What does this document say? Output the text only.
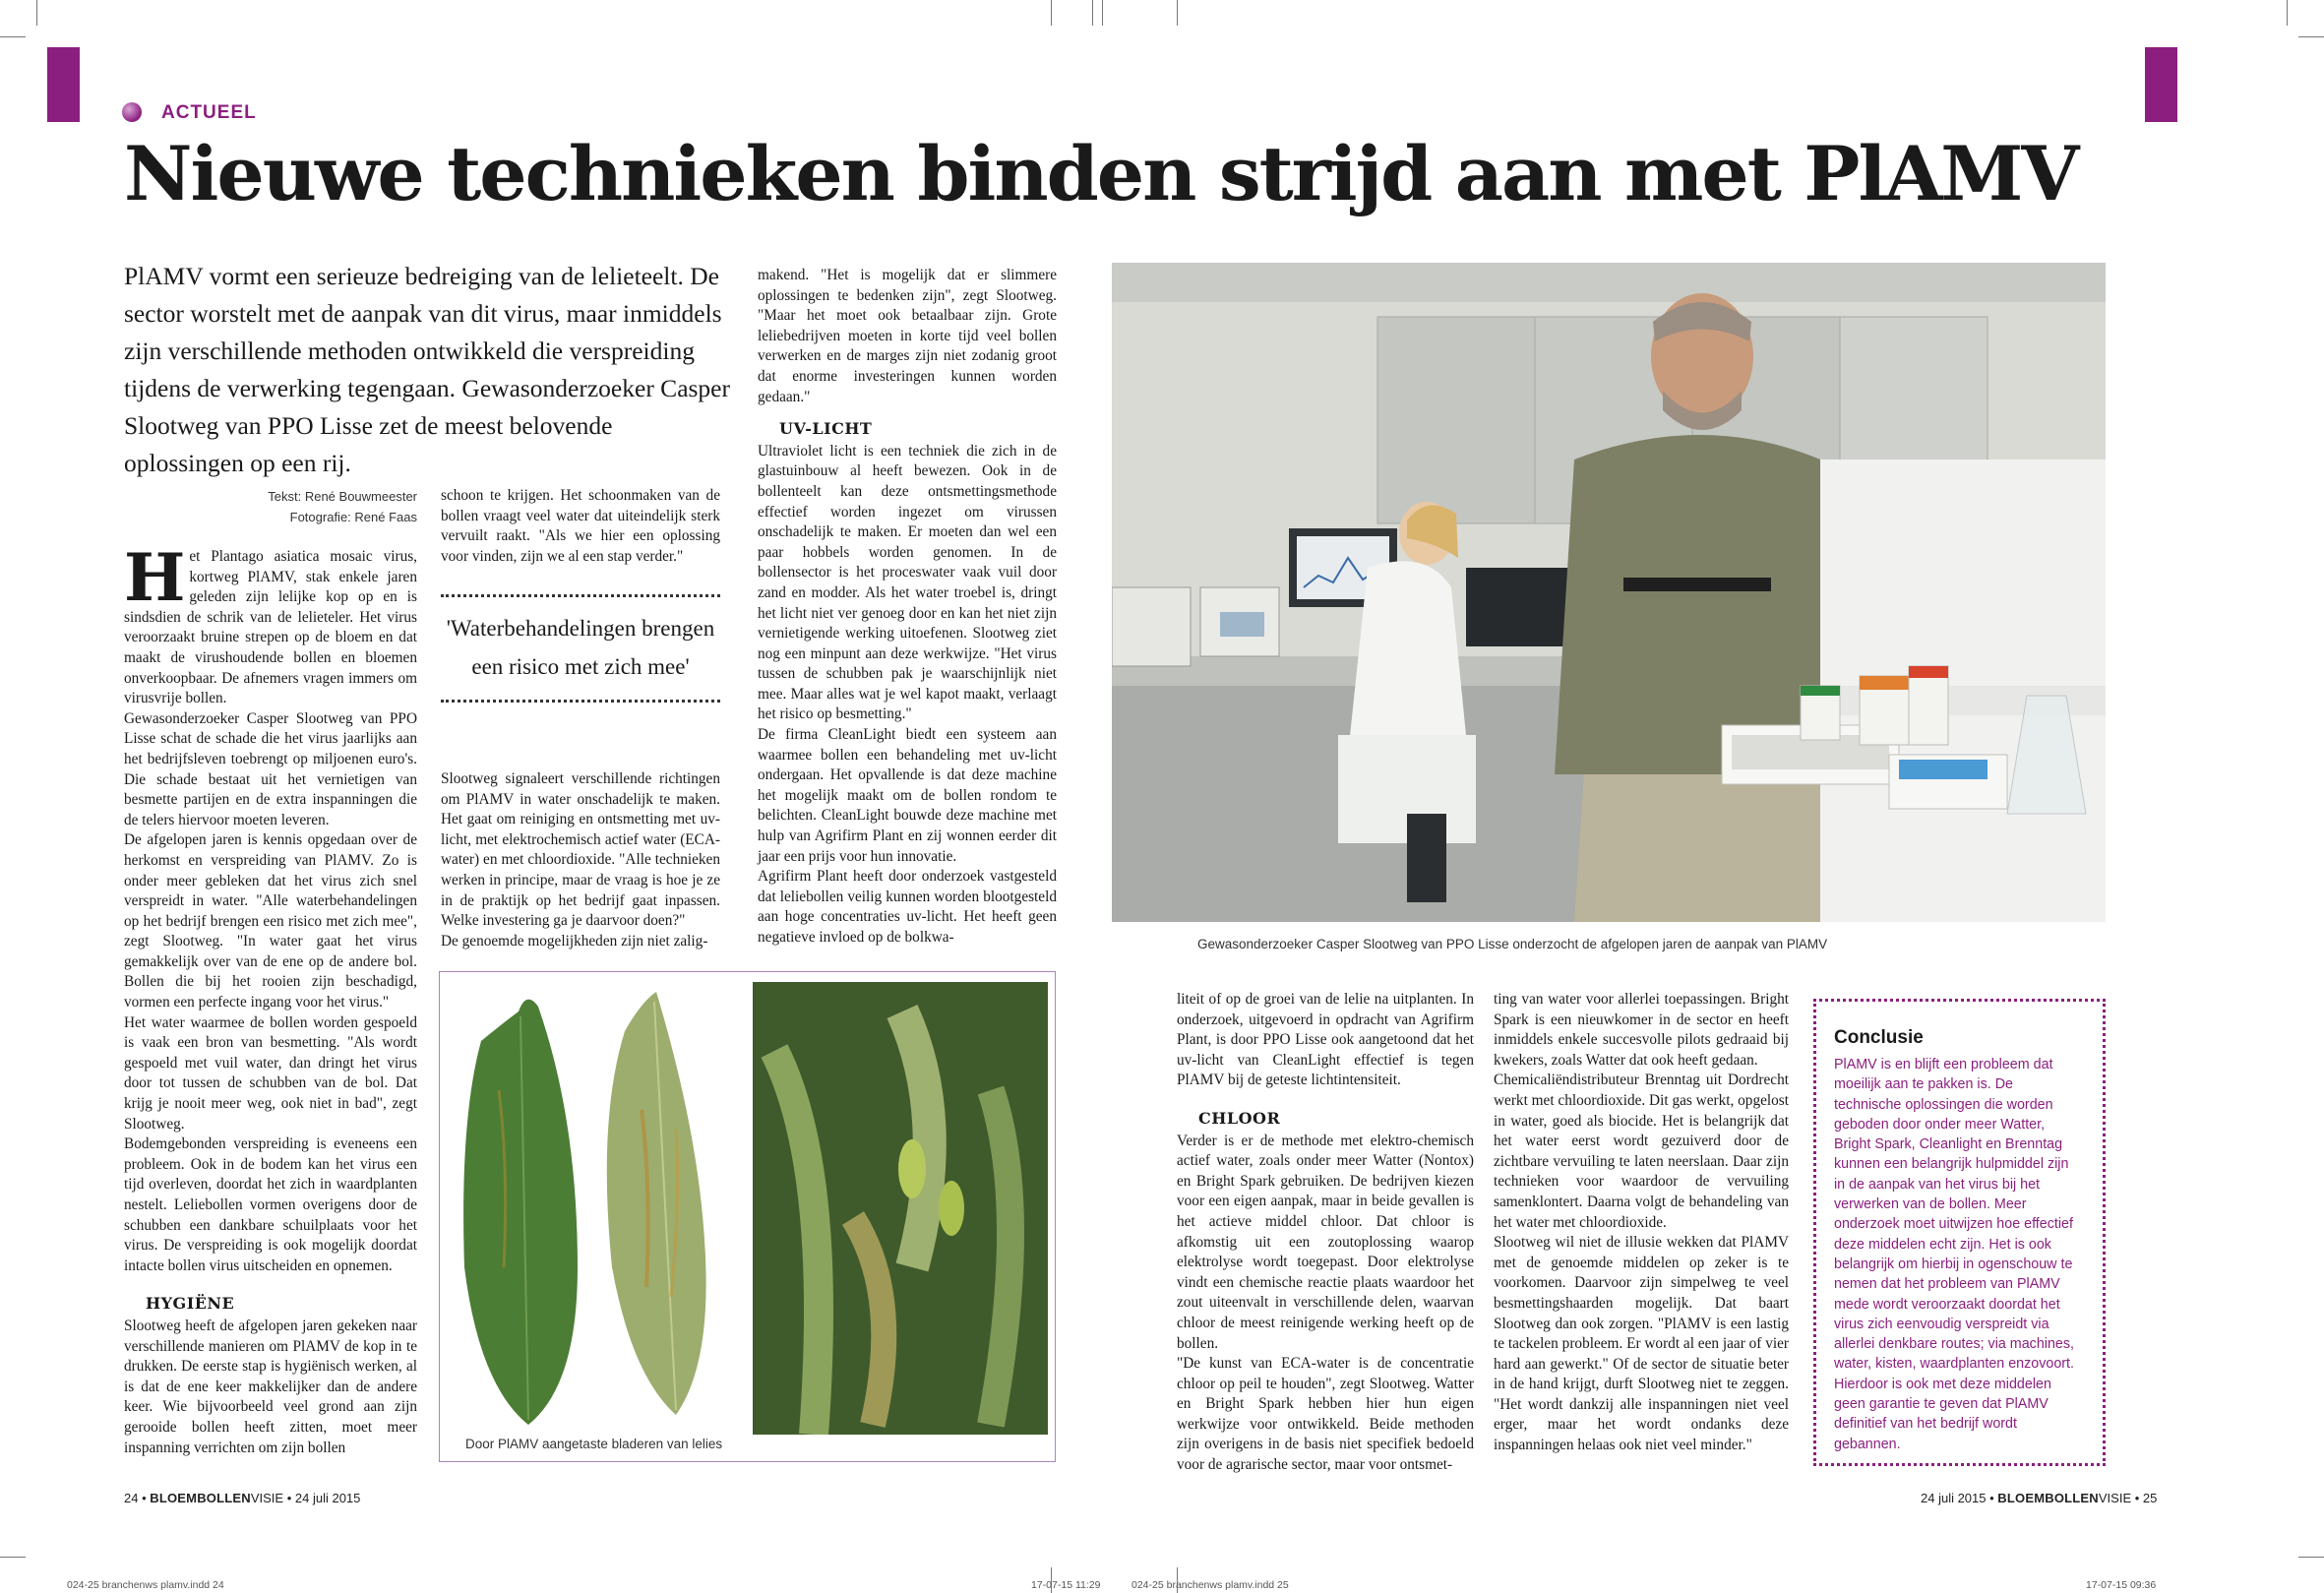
ACTUEEL
Nieuwe technieken binden strijd aan met PlAMV
PlAMV vormt een serieuze bedreiging van de lelieteelt. De sector worstelt met de aanpak van dit virus, maar inmiddels zijn verschillende methoden ontwikkeld die verspreiding tijdens de verwerking tegengaan. Gewasonderzoeker Casper Slootweg van PPO Lisse zet de meest belovende oplossingen op een rij.
Tekst: René Bouwmeester
Fotografie: René Faas

Het Plantago asiatica mosaic virus, kortweg PlAMV, stak enkele jaren geleden zijn lelijke kop op en is sindsdien de schrik van de lelieteler. Het virus veroorzaakt bruine strepen op de bloem en dat maakt de virushoudende bollen en bloemen onverkoopbaar. De afnemers vragen immers om virusvrije bollen.

Gewasonderzoeker Casper Slootweg van PPO Lisse schat de schade die het virus jaarlijks aan het bedrijfsleven toebrengt op miljoenen euro's. Die schade bestaat uit het vernietigen van besmette partijen en de extra inspanningen die de telers hiervoor moeten leveren.

De afgelopen jaren is kennis opgedaan over de herkomst en verspreiding van PlAMV. Zo is onder meer gebleken dat het virus zich snel verspreidt in water. "Alle waterbehandelingen op het bedrijf brengen een risico met zich mee", zegt Slootweg. "In water gaat het virus gemakkelijk over van de ene op de andere bol. Bollen die bij het rooien zijn beschadigd, vormen een perfecte ingang voor het virus."

Het water waarmee de bollen worden gespoeld is vaak een bron van besmetting. "Als wordt gespoeld met vuil water, dan dringt het virus door tot tussen de schubben van de bol. Dat krijg je nooit meer weg, ook niet in bad", zegt Slootweg.

Bodemgebonden verspreiding is eveneens een probleem. Ook in de bodem kan het virus een tijd overleven, doordat het zich in waardplanten nestelt. Leliebollen vormen overigens door de schubben een dankbare schuilplaats voor het virus. De verspreiding is ook mogelijk doordat intacte bollen virus uitscheiden en opnemen.

HYGIËNE

Slootweg heeft de afgelopen jaren gekeken naar verschillende manieren om PlAMV de kop in te drukken. De eerste stap is hygiënisch werken, al is dat de ene keer makkelijker dan de andere keer. Wie bijvoorbeeld veel grond aan zijn gerooide bollen heeft zitten, moet meer inspanning verrichten om zijn bollen

schoon te krijgen. Het schoonmaken van de bollen vraagt veel water dat uiteindelijk sterk vervuilt raakt. "Als we hier een oplossing voor vinden, zijn we al een stap verder."

'Waterbehandelingen brengen een risico met zich mee'

Slootweg signaleert verschillende richtingen om PlAMV in water onschadelijk te maken. Het gaat om reiniging en ontsmetting met uv-licht, met elektrochemisch actief water (ECA-water) en met chloordioxide. "Alle technieken werken in principe, maar de vraag is hoe je ze in de praktijk op het bedrijf gaat inpassen. Welke investering ga je daarvoor doen?"

De genoemde mogelijkheden zijn niet zalig-

makend. "Het is mogelijk dat er slimmere oplossingen te bedenken zijn", zegt Slootweg. "Maar het moet ook betaalbaar zijn. Grote leliebedrijven moeten in korte tijd veel bollen verwerken en de marges zijn niet zodanig groot dat enorme investeringen kunnen worden gedaan."

UV-LICHT

Ultraviolet licht is een techniek die zich in de glastuinbouw al heeft bewezen. Ook in de bollenteelt kan deze ontsmettingsmethode effectief worden ingezet om virussen onschadelijk te maken. Er moeten dan wel een paar hobbels worden genomen. In de bollensector is het proceswater vaak vuil door zand en modder. Als het water troebel is, dringt het licht niet ver genoeg door en kan het niet zijn vernietigende werking uitoefenen. Slootweg ziet nog een minpunt aan deze werkwijze. "Het virus tussen de schubben pak je waarschijnlijk niet mee. Maar alles wat je wel kapot maakt, verlaagt het risico op besmetting."

De firma CleanLight biedt een systeem aan waarmee bollen een behandeling met uv-licht ondergaan. Het opvallende is dat deze machine het mogelijk maakt om de bollen rondom te belichten. CleanLight bouwde deze machine met hulp van Agrifirm Plant en zij wonnen eerder dit jaar een prijs voor hun innovatie.

Agrifirm Plant heeft door onderzoek vastgesteld dat leliebollen veilig kunnen worden blootgesteld aan hoge concentraties uv-licht. Het heeft geen negatieve invloed op de bolkwa-	Gewasonderzoeker Casper Slootweg van PPO Lisse onderzocht de afgelopen jaren de aanpak van PlAMV
Door PlAMV aangetaste bladeren van lelies

liteit of op de groei van de lelie na uitplanten. In onderzoek, uitgevoerd in opdracht van Agrifirm Plant, is door PPO Lisse ook aangetoond dat het uv-licht van CleanLight effectief is tegen PlAMV bij de geteste lichtintensiteit.

CHLOOR

Verder is er de methode met elektro-chemisch actief water, zoals onder meer Watter (Nontox) en Bright Spark gebruiken. De bedrijven kiezen voor een eigen aanpak, maar in beide gevallen is het actieve middel chloor. Dat chloor is afkomstig uit een zoutoplossing waarop elektrolyse wordt toegepast. Door elektrolyse vindt een chemische reactie plaats waardoor het zout uiteenvalt in verschillende delen, waarvan chloor de meest reinigende werking heeft op de bollen.

"De kunst van ECA-water is de concentratie chloor op peil te houden", zegt Slootweg. Watter en Bright Spark hebben hier hun eigen werkwijze voor ontwikkeld. Beide methoden zijn overigens in de basis niet specifiek bedoeld voor de agrarische sector, maar voor ontsmet-

ting van water voor allerlei toepassingen. Bright Spark is een nieuwkomer in de sector en heeft inmiddels enkele succesvolle pilots gedraaid bij kwekers, zoals Watter dat ook heeft gedaan.

Chemicaliëndistributeur Brenntag uit Dordrecht werkt met chloordioxide. Dit gas werkt, opgelost in water, goed als biocide. Het is belangrijk dat het water eerst wordt gezuiverd door de zichtbare vervuiling te laten neerslaan. Daar zijn technieken voor waardoor de vervuiling samenklontert. Daarna volgt de behandeling van het water met chloordioxide.

Slootweg wil niet de illusie wekken dat PlAMV met de genoemde middelen op zeker is te voorkomen. Daarvoor zijn simpelweg te veel besmettingshaarden mogelijk. Dat baart Slootweg dan ook zorgen. "PlAMV is een lastig te tackelen probleem. Er wordt al een jaar of vier hard aan gewerkt." Of de sector de situatie beter in de hand krijgt, durft Slootweg niet te zeggen. "Het wordt dankzij alle inspanningen niet veel erger, maar het wordt ondanks deze inspanningen helaas ook niet veel minder."

Conclusie

PlAMV is en blijft een probleem dat moeilijk aan te pakken is. De technische oplossingen die worden geboden door onder meer Watter, Bright Spark, Cleanlight en Brenntag kunnen een belangrijk hulpmiddel zijn in de aanpak van het virus bij het verwerken van de bollen. Meer onderzoek moet uitwijzen hoe effectief deze middelen echt zijn. Het is ook belangrijk om hierbij in ogenschouw te nemen dat het probleem van PlAMV mede wordt veroorzaakt doordat het virus zich eenvoudig verspreidt via allerlei denkbare routes; via machines, water, kisten, waardplanten enzovoort. Hierdoor is ook met deze middelen geen garantie te geven dat PlAMV definitief van het bedrijf wordt gebannen.

24 • BLOEMBOLLENVISIE • 24 juli 2015	24 juli 2015 • BLOEMBOLLENVISIE • 25
024-25 branchenws plamv.indd 24	17-07-15 11:29	024-25 branchenws plamv.indd 25	17-07-15 09:36
